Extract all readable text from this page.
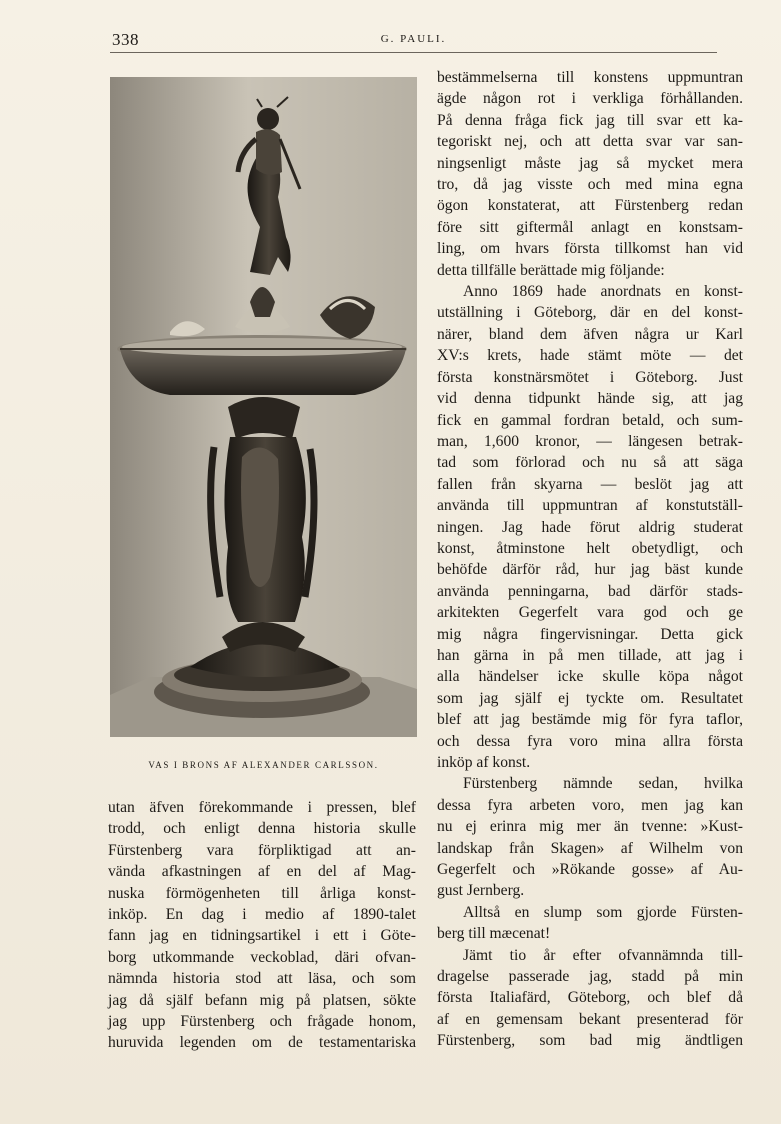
338	G. PAULI.
VAS I BRONS AF ALEXANDER CARLSSON.

utan äfven förekommande i pressen, blef

trodd, och enligt denna historia skulle

Fürstenberg vara förpliktigad att an-

vända afkastningen af en del af Mag-

nuska förmögenheten till årliga konst-

inköp. En dag i medio af 1890-talet

fann jag en tidningsartikel i ett i Göte-

borg utkommande veckoblad, däri ofvan-

nämnda historia stod att läsa, och som

jag då själf befann mig på platsen, sökte

jag upp Fürstenberg och frågade honom,

huruvida legenden om de testamentariska

bestämmelserna till konstens uppmuntran

ägde någon rot i verkliga förhållanden.

På denna fråga fick jag till svar ett ka-

tegoriskt nej, och att detta svar var san-

ningsenligt måste jag så mycket mera

tro, då jag visste och med mina egna

ögon konstaterat, att Fürstenberg redan

före sitt giftermål anlagt en konstsam-

ling, om hvars första tillkomst han vid

detta tillfälle berättade mig följande:

Anno 1869 hade anordnats en konst-

utställning i Göteborg, där en del konst-

närer, bland dem äfven några ur Karl

XV:s krets, hade stämt möte — det

första konstnärsmötet i Göteborg. Just

vid denna tidpunkt hände sig, att jag

fick en gammal fordran betald, och sum-

man, 1,600 kronor, — längesen betrak-

tad som förlorad och nu så att säga

fallen från skyarna — beslöt jag att

använda till uppmuntran af konstutställ-

ningen. Jag hade förut aldrig studerat

konst, åtminstone helt obetydligt, och

behöfde därför råd, hur jag bäst kunde

använda penningarna, bad därför stads-

arkitekten Gegerfelt vara god och ge

mig några fingervisningar. Detta gick

han gärna in på men tillade, att jag i

alla händelser icke skulle köpa något

som jag själf ej tyckte om. Resultatet

blef att jag bestämde mig för fyra taflor,

och dessa fyra voro mina allra första

inköp af konst.

Fürstenberg nämnde sedan, hvilka

dessa fyra arbeten voro, men jag kan

nu ej erinra mig mer än tvenne: »Kust-

landskap från Skagen» af Wilhelm von

Gegerfelt och »Rökande gosse» af Au-

gust Jernberg.

Alltså en slump som gjorde Fürsten-

berg till mæcenat!

Jämt tio år efter ofvannämnda till-

dragelse passerade jag, stadd på min

första Italiafärd, Göteborg, och blef då

af en gemensam bekant presenterad för

Fürstenberg, som bad mig ändtligen
